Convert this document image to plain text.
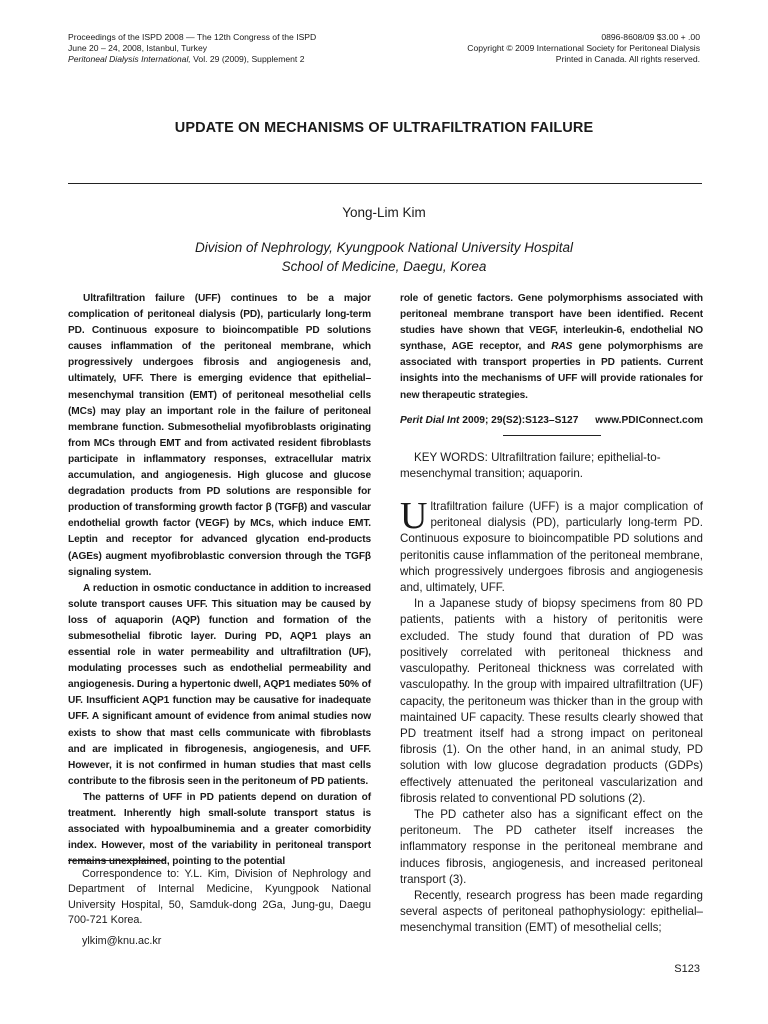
Proceedings of the ISPD 2008 — The 12th Congress of the ISPD
June 20 – 24, 2008, Istanbul, Turkey
Peritoneal Dialysis International, Vol. 29 (2009), Supplement 2
0896-8608/09 $3.00 + .00
Copyright © 2009 International Society for Peritoneal Dialysis
Printed in Canada. All rights reserved.
UPDATE ON MECHANISMS OF ULTRAFILTRATION FAILURE
Yong-Lim Kim
Division of Nephrology, Kyungpook National University Hospital
School of Medicine, Daegu, Korea

Ultrafiltration failure (UFF) continues to be a major complication of peritoneal dialysis (PD), particularly long-term PD. Continuous exposure to bioincompatible PD solutions causes inflammation of the peritoneal membrane, which progressively undergoes fibrosis and angiogenesis and, ultimately, UFF. There is emerging evidence that epithelial–mesenchymal transition (EMT) of peritoneal mesothelial cells (MCs) may play an important role in the failure of peritoneal membrane function. Submesothelial myofibroblasts originating from MCs through EMT and from activated resident fibroblasts participate in inflammatory responses, extracellular matrix accumulation, and angiogenesis. High glucose and glucose degradation products from PD solutions are responsible for production of transforming growth factor β (TGFβ) and vascular endothelial growth factor (VEGF) by MCs, which induce EMT. Leptin and receptor for advanced glycation end-products (AGEs) augment myofibroblastic conversion through the TGFβ signaling system.

A reduction in osmotic conductance in addition to increased solute transport causes UFF. This situation may be caused by loss of aquaporin (AQP) function and formation of the submesothelial fibrotic layer. During PD, AQP1 plays an essential role in water permeability and ultrafiltration (UF), modulating processes such as endothelial permeability and angiogenesis. During a hypertonic dwell, AQP1 mediates 50% of UF. Insufficient AQP1 function may be causative for inadequate UFF. A significant amount of evidence from animal studies now exists to show that mast cells communicate with fibroblasts and are implicated in fibrogenesis, angiogenesis, and UFF. However, it is not confirmed in human studies that mast cells contribute to the fibrosis seen in the peritoneum of PD patients.

The patterns of UFF in PD patients depend on duration of treatment. Inherently high small-solute transport status is associated with hypoalbuminemia and a greater comorbidity index. However, most of the variability in peritoneal transport remains unexplained, pointing to the potential

role of genetic factors. Gene polymorphisms associated with peritoneal membrane transport have been identified. Recent studies have shown that VEGF, interleukin-6, endothelial NO synthase, AGE receptor, and RAS gene polymorphisms are associated with transport properties in PD patients. Current insights into the mechanisms of UFF will provide rationales for new therapeutic strategies.

Perit Dial Int 2009; 29(S2):S123–S127 www.PDIConnect.com

KEY WORDS: Ultrafiltration failure; epithelial-to-mesenchymal transition; aquaporin.

Ultrafiltration failure (UFF) is a major complication of peritoneal dialysis (PD), particularly long-term PD. Continuous exposure to bioincompatible PD solutions and peritonitis cause inflammation of the peritoneal membrane, which progressively undergoes fibrosis and angiogenesis and, ultimately, UFF.

In a Japanese study of biopsy specimens from 80 PD patients, patients with a history of peritonitis were excluded. The study found that duration of PD was positively correlated with peritoneal thickness and vasculopathy. Peritoneal thickness was correlated with vasculopathy. In the group with impaired ultrafiltration (UF) capacity, the peritoneum was thicker than in the group with maintained UF capacity. These results clearly showed that PD treatment itself had a strong impact on peritoneal fibrosis (1). On the other hand, in an animal study, PD solution with low glucose degradation products (GDPs) effectively attenuated the peritoneal vascularization and fibrosis related to conventional PD solutions (2).

The PD catheter also has a significant effect on the peritoneum. The PD catheter itself increases the inflammatory response in the peritoneal membrane and induces fibrosis, angiogenesis, and increased peritoneal transport (3).

Recently, research progress has been made regarding several aspects of peritoneal pathophysiology: epithelial–mesenchymal transition (EMT) of mesothelial cells;

Correspondence to: Y.L. Kim, Division of Nephrology and Department of Internal Medicine, Kyungpook National University Hospital, 50, Samduk-dong 2Ga, Jung-gu, Daegu 700-721 Korea.

ylkim@knu.ac.kr

S123
